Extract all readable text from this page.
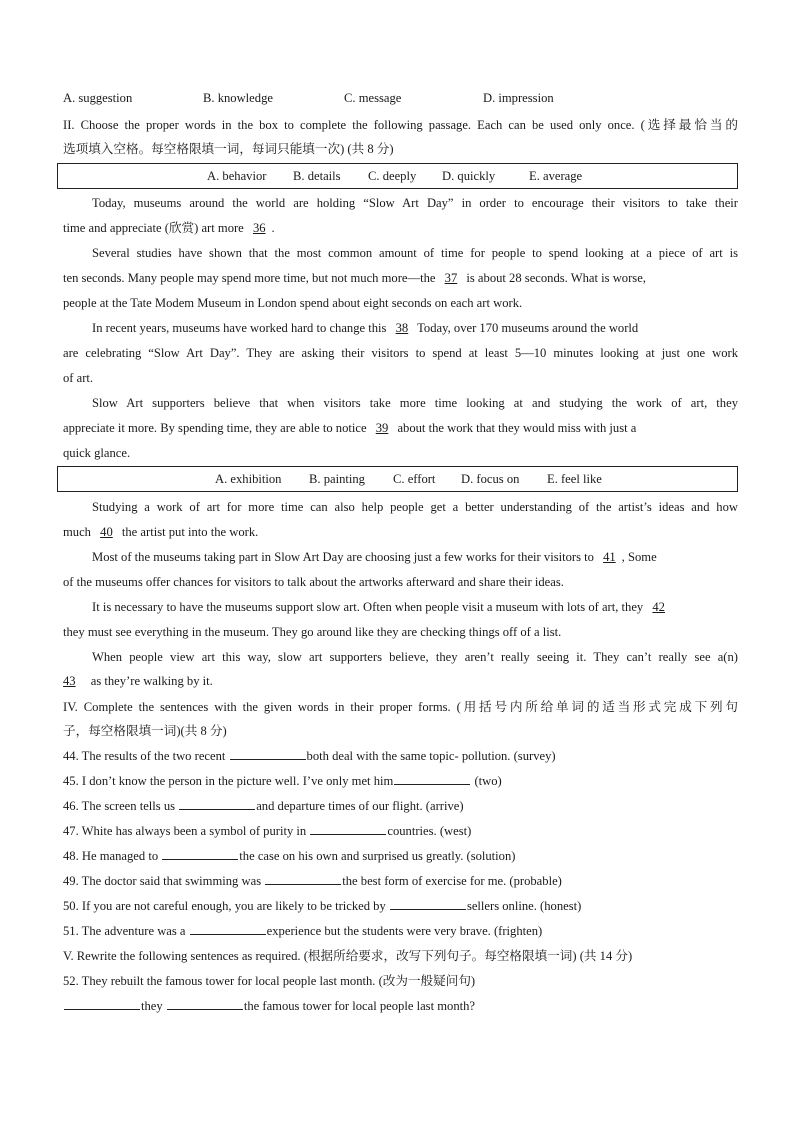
A. suggestion	B. knowledge	C. message	D. impression
II. Choose the proper words in the box to complete the following passage. Each can be used only once. (选择最恰当的
选项填入空格。每空格限填一词，每词只能填一次) (共 8 分)
A. behavior B. details C. deeply D. quickly	E. average
Today, museums around the world are holding “Slow Art Day” in order to encourage their visitors to take their
time and appreciate (欣赏) art more 36 .
Several studies have shown that the most common amount of time for people to spend looking at a piece of art is
ten seconds. Many people may spend more time, but not much more—the 37 is about 28 seconds. What is worse,
people at the Tate Modem Museum in London spend about eight seconds on each art work.
In recent years, museums have worked hard to change this 38 Today, over 170 museums around the world
are celebrating “Slow Art Day”. They are asking their visitors to spend at least 5—10 minutes looking at just one work
of art.
Slow Art supporters believe that when visitors take more time looking at and studying the work of art, they
appreciate it more. By spending time, they are able to notice 39 about the work that they would miss with just a
quick glance.
A. exhibition B. painting C. effort D. focus on E. feel like
Studying a work of art for more time can also help people get a better understanding of the artist’s ideas and how
much 40 the artist put into the work.
Most of the museums taking part in Slow Art Day are choosing just a few works for their visitors to 41 , Some
of the museums offer chances for visitors to talk about the artworks afterward and share their ideas.
It is necessary to have the museums support slow art. Often when people visit a museum with lots of art, they 42
they must see everything in the museum. They go around like they are checking things off of a list.
When people view art this way, slow art supporters believe, they aren’t really seeing it. They can’t really see a(n)
43 as they’re walking by it.
IV. Complete the sentences with the given words in their proper forms. (用括号内所给单词的适当形式完成下列句
子，每空格限填一词)(共 8 分)
44. The results of the two recent	both deal with the same topic- pollution. (survey)
45. I don’t know the person in the picture well. I’ve only met him	(two)
46. The screen tells us	and departure times of our flight. (arrive)
47. White has always been a symbol of purity in	countries. (west)
48. He managed to	the case on his own and surprised us greatly. (solution)
49. The doctor said that swimming was	the best form of exercise for me. (probable)
50. If you are not careful enough, you are likely to be tricked by	sellers online. (honest)
51. The adventure was a	experience but the students were very brave. (frighten)
V. Rewrite the following sentences as required. (根据所给要求，改写下列句子。每空格限填一词) (共 14 分)
52. They rebuilt the famous tower for local people last month. (改为一般疑问句)
they	the famous tower for local people last month?
